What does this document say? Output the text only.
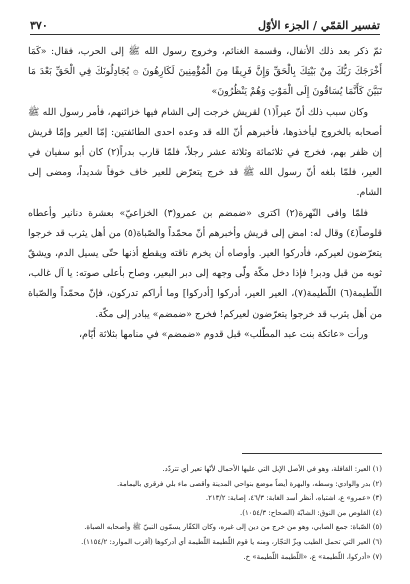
تفسير القمّي / الجزء الأوّل
٣٧٠

ثمّ ذكر بعد ذلك الأنفال، وقسمة الغنائم، وخروج رسول الله ﷺ إلى الحرب، فقال: «كَمَا أَخْرَجَكَ رَبُّكَ مِنْ بَيْتِكَ بِالْحَقِّ وَإِنَّ فَرِيقًا مِنَ الْمُؤْمِنِينَ لَكَارِهُونَ ۞ يُجَادِلُونَكَ فِي الْحَقِّ بَعْدَ مَا تَبَيَّنَ كَأَنَّمَا يُسَاقُونَ إِلَى الْمَوْتِ وَهُمْ يَنْظُرُونَ»

وكان سبب ذلك أنّ عيراً(١) لقريش خرجت إلى الشام فيها خزائنهم، فأمر رسول الله ﷺ أصحابه بالخروج ليأخذوها، فأخبرهم أنّ الله قد وعده احدى الطائفتين: إمّا العير وإمّا قريش إن ظفر بهم، فخرج في ثلاثمائة وثلاثة عشر رجلاً، فلمّا قارب بدراً(٢) كان أبو سفيان في العير، فلمّا بلغه أنّ رسول الله ﷺ قد خرج يتعرّض للعير خاف خوفاً شديداً، ومضى إلى الشام.

فلمّا وافى النّهرة(٢) اكترى «ضمضم بن عمرو(٣) الخزاعيّ» بعشرة دنانير وأعطاه قلوصاً(٤) وقال له: امض إلى قريش وأخبرهم أنّ محمّداً والصّباة(٥) من أهل يثرب قد خرجوا يتعرّضون لعيركم، فأدركوا العير. وأوصاه أن يخرم ناقته ويقطع أذنها حتّى يسيل الدم، ويشقّ ثوبه من قبل ودبر! فإذا دخل مكّة ولّى وجهه إلى دبر البعير، وصاح بأعلى صوته: يا آل غالب، اللّطيمة(٦) اللّطيمة(٧)، العير العير، أدركوا [أدركوا] وما أراكم تدركون، فإنّ محمّداً والصّباة من أهل يثرب قد خرجوا يتعرّضون لعيركم! فخرج «ضمضم» يبادر إلى مكّة.

ورأت «عاتكة بنت عبد المطّلب» قبل قدوم «ضمضم» في منامها بثلاثة أيّام،

(١) العير: القافلة، وهو في الأصل الإبل التي عليها الأحمال لأنّها تعير أي تتردّد.
(٢) بدر والوادي: وسطه، والبهرة أيضاً موضع بنواحي المدينة وأقصى ماء بلي فرقري باليمامة.
(٣) «عمرو» ع، اشتباه، أنظر أسد الغابة: ٤٦/٣، إصابة: ٢١٣/٢.
(٤) القلوص من النوق: الشابّة (الصحاح: ١٠٥٤/٣).
(٥) الصّباة: جمع الصابي، وهو من خرج من دين إلى غيره، وكان الكفّار يسمّون النبيّ ﷺ وأصحابه الصباة.
(٦) العير التي تحمل الطيب وبزّ التجّار، ومنه يا قوم اللّطيمة اللّطيمة أي أدركوها (أقرب الموارد: ١١٥٤/٢).
(٧) «أدركوا، اللّطيمة» ع، «اللّطيمة اللّطيمة» خ.
